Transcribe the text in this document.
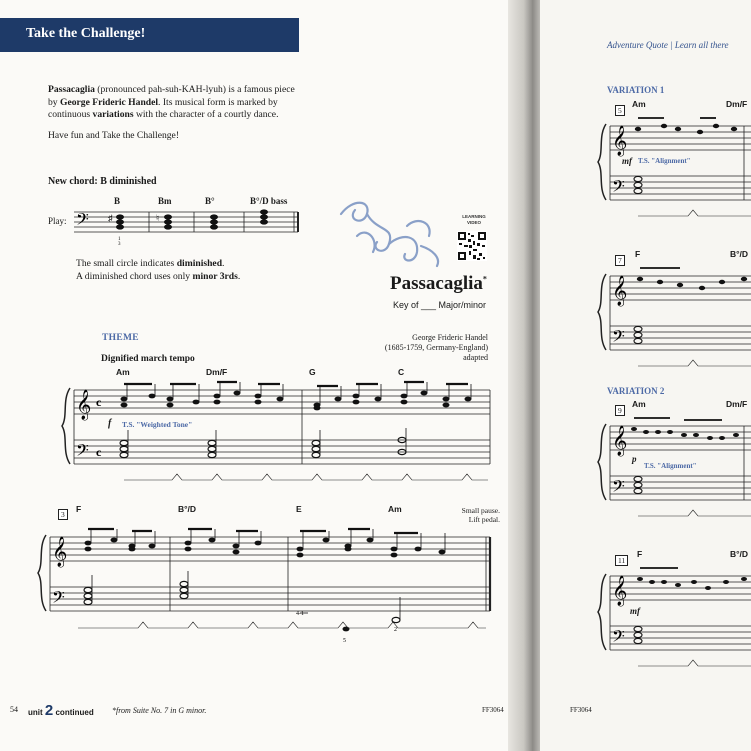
Take the Challenge!

Passacaglia (pronounced pah-suh-KAH-lyuh) is a famous piece by George Frideric Handel. Its musical form is marked by continuous variations with the character of a courtly dance.

Have fun and Take the Challenge!

New chord: B diminished
B	Bm	B°	B°/D bass
Play: 𝄢 ♯	♮
1
3
The small circle indicates diminished.
A diminished chord uses only minor 3rds.
LEARNING VIDEO
Passacaglia*
Key of ___ Major/minor
THEME	George Frideric Handel
(1685-1759, Germany-England)
adapted
Dignified march tempo
Am	Dm/F	G	C
𝄞
𝄢
c
c
f T.S. "Weighted Tone"
3
F	B°/D	E	Am	Small pause.
Lift pedal.
𝄞
𝄢
4-1
5
2
54 unit 2 continued *from Suite No. 7 in G minor.	FF3064
Adventure Quote | Learn all there
VARIATION 1
5
Am	Dm/F
𝄞
𝄢
mf T.S. "Alignment"
7
F	B°/D
𝄞
𝄢
VARIATION 2
9
Am	Dm/F
𝄞
𝄢
p
T.S. "Alignment"
11
F	B°/D
𝄞
𝄢
mf
FF3064
